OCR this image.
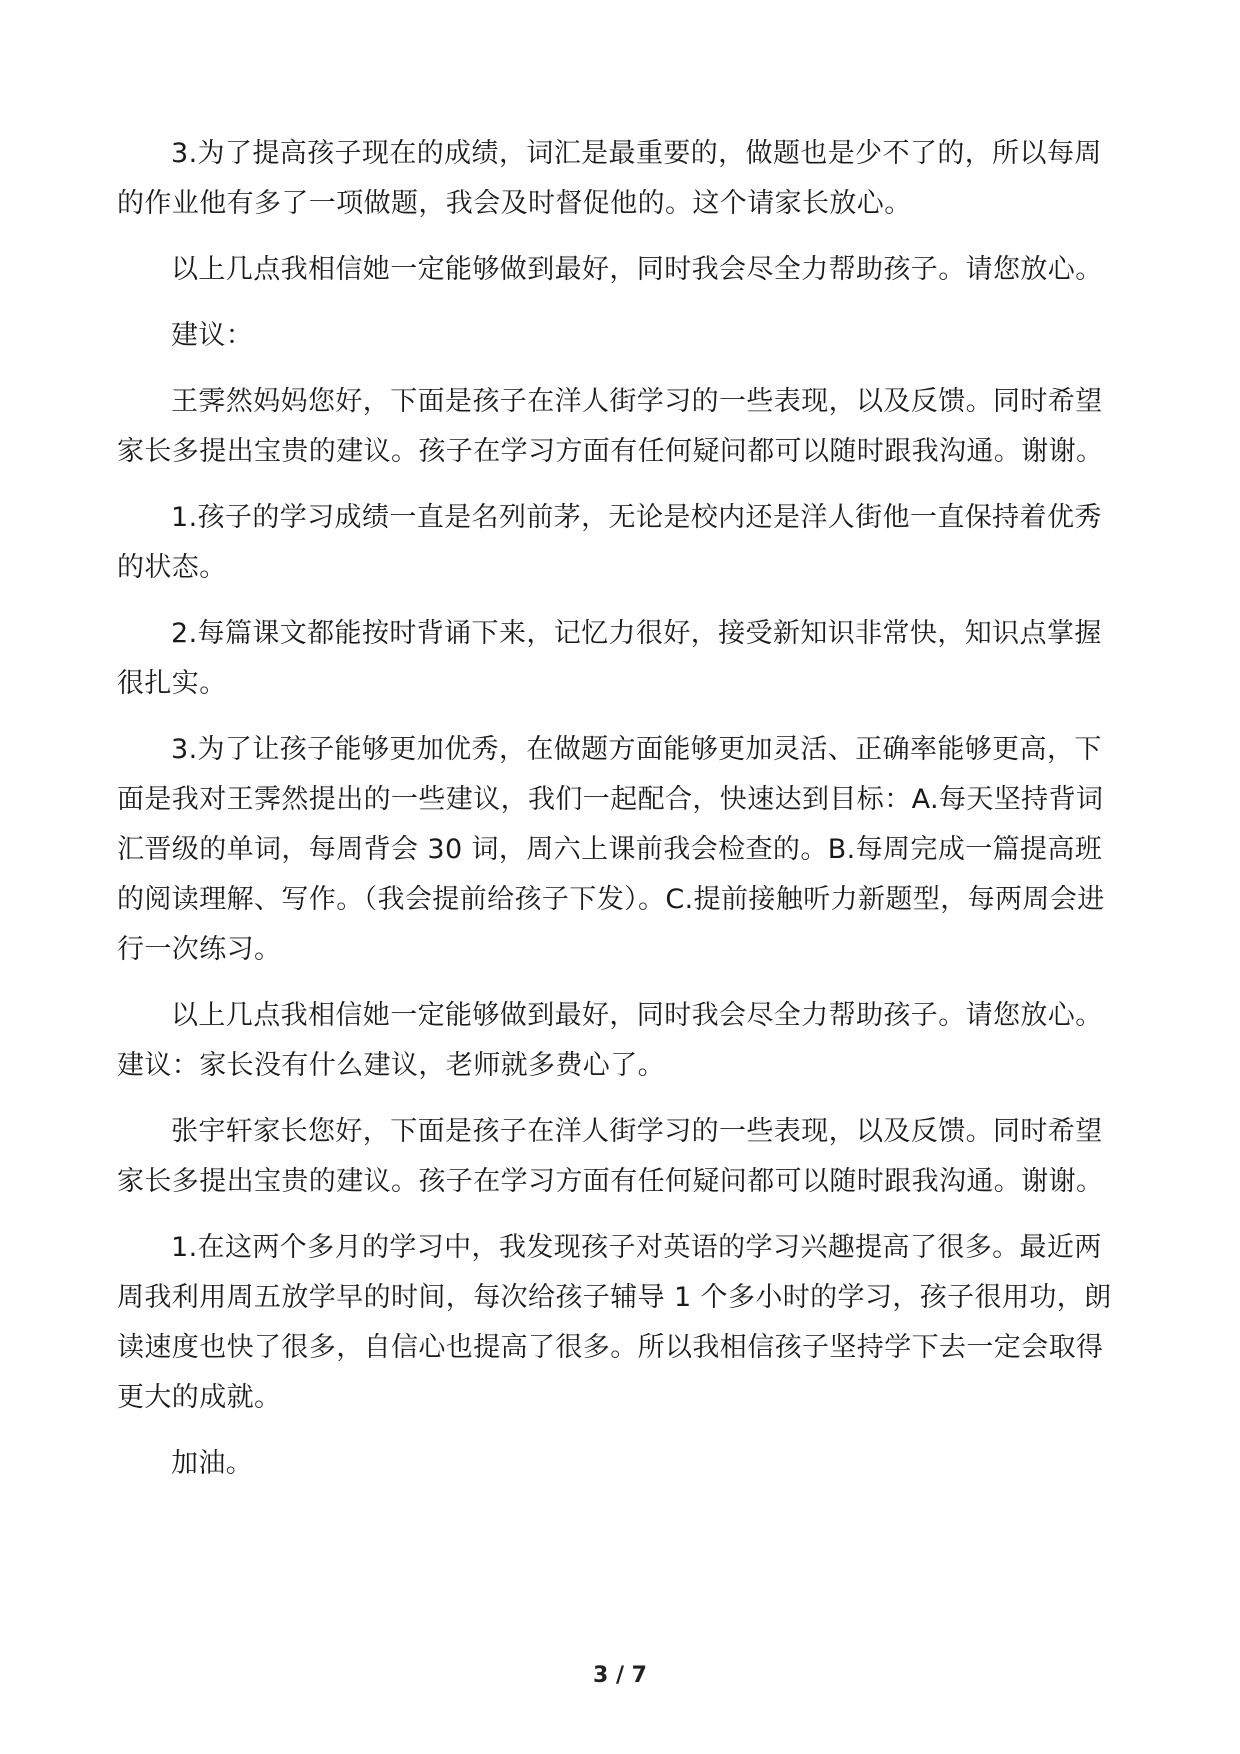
3.为了提高孩子现在的成绩，词汇是最重要的，做题也是少不了的，所以每周的作业他有多了一项做题，我会及时督促他的。这个请家长放心。

以上几点我相信她一定能够做到最好，同时我会尽全力帮助孩子。请您放心。

建议：

王霁然妈妈您好，下面是孩子在洋人街学习的一些表现，以及反馈。同时希望家长多提出宝贵的建议。孩子在学习方面有任何疑问都可以随时跟我沟通。谢谢。

1.孩子的学习成绩一直是名列前茅，无论是校内还是洋人街他一直保持着优秀的状态。

2.每篇课文都能按时背诵下来，记忆力很好，接受新知识非常快，知识点掌握很扎实。

3.为了让孩子能够更加优秀，在做题方面能够更加灵活、正确率能够更高，下面是我对王霁然提出的一些建议，我们一起配合，快速达到目标：A.每天坚持背词汇晋级的单词，每周背会 30 词，周六上课前我会检查的。B.每周完成一篇提高班的阅读理解、写作。（我会提前给孩子下发）。C.提前接触听力新题型，每两周会进行一次练习。

以上几点我相信她一定能够做到最好，同时我会尽全力帮助孩子。请您放心。建议：家长没有什么建议，老师就多费心了。

张宇轩家长您好，下面是孩子在洋人街学习的一些表现，以及反馈。同时希望家长多提出宝贵的建议。孩子在学习方面有任何疑问都可以随时跟我沟通。谢谢。

1.在这两个多月的学习中，我发现孩子对英语的学习兴趣提高了很多。最近两周我利用周五放学早的时间，每次给孩子辅导 1 个多小时的学习，孩子很用功，朗读速度也快了很多，自信心也提高了很多。所以我相信孩子坚持学下去一定会取得更大的成就。

加油。

3 / 7
